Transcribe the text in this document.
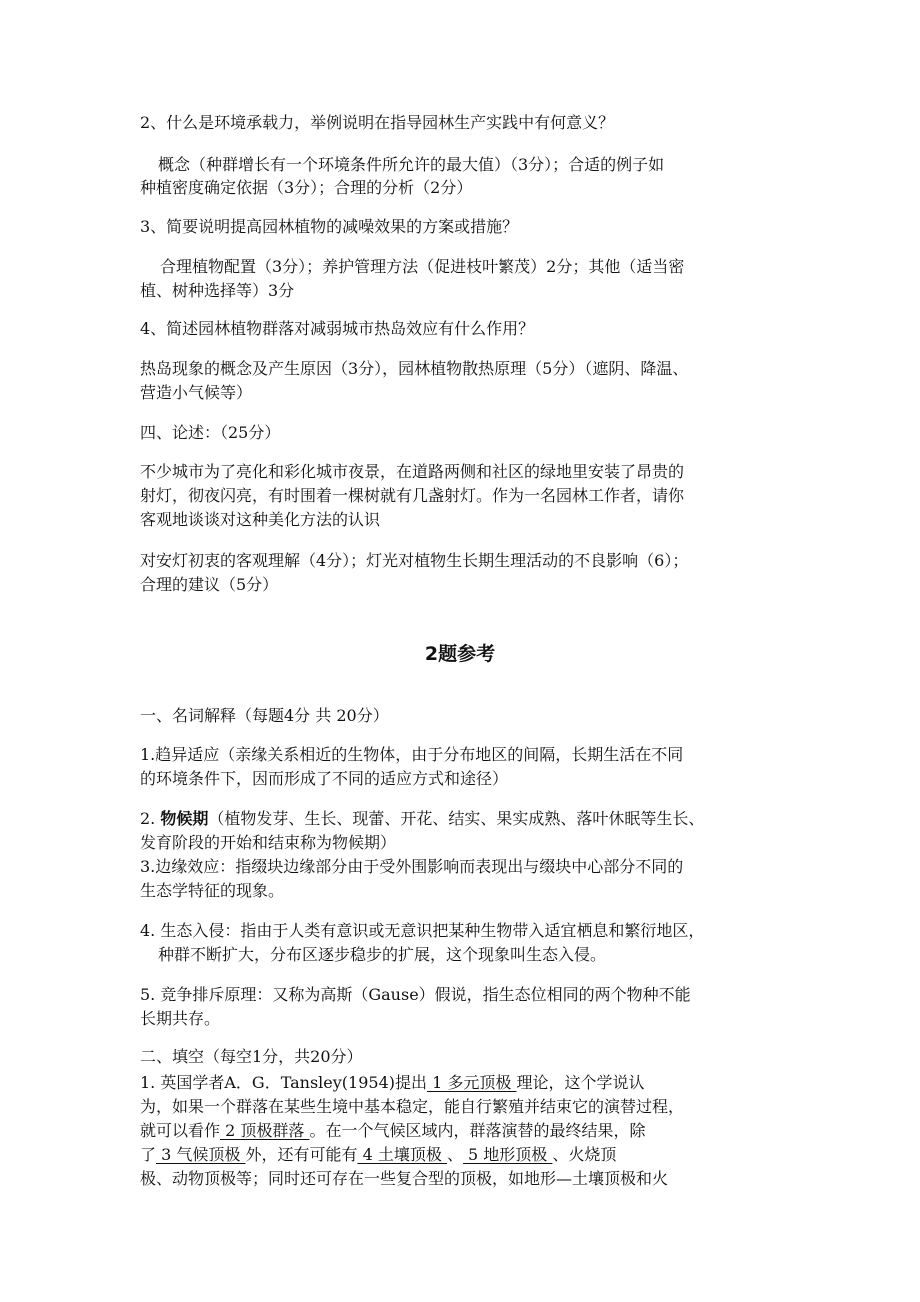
2、什么是环境承载力，举例说明在指导园林生产实践中有何意义？
概念（种群增长有一个环境条件所允许的最大值）（3分）；合适的例子如
种植密度确定依据（3分）；合理的分析（2分）
3、简要说明提高园林植物的减噪效果的方案或措施？
合理植物配置（3分）；养护管理方法（促进枝叶繁茂）2分；其他（适当密
植、树种选择等）3分
4、简述园林植物群落对减弱城市热岛效应有什么作用？
热岛现象的概念及产生原因（3分），园林植物散热原理（5分）（遮阴、降温、
营造小气候等）
四、论述：（25分）
不少城市为了亮化和彩化城市夜景，在道路两侧和社区的绿地里安装了昂贵的
射灯，彻夜闪亮，有时围着一棵树就有几盏射灯。作为一名园林工作者，请你
客观地谈谈对这种美化方法的认识
对安灯初衷的客观理解（4分）；灯光对植物生长期生理活动的不良影响（6）；
合理的建议（5分）
2题参考
一、名词解释（每题4分 共 20分）
1.趋异适应（亲缘关系相近的生物体，由于分布地区的间隔，长期生活在不同
的环境条件下，因而形成了不同的适应方式和途径）
2. 物候期（植物发芽、生长、现蕾、开花、结实、果实成熟、落叶休眠等生长、
发育阶段的开始和结束称为物候期）
3.边缘效应：指缀块边缘部分由于受外围影响而表现出与缀块中心部分不同的
生态学特征的现象。
4. 生态入侵：指由于人类有意识或无意识把某种生物带入适宜栖息和繁衍地区，
种群不断扩大，分布区逐步稳步的扩展，这个现象叫生态入侵。
5. 竞争排斥原理：又称为高斯（Gause）假说，指生态位相同的两个物种不能
长期共存。
二、填空（每空1分，共20分）
1. 英国学者A．G．Tansley(1954)提出 1 多元顶极 理论，这个学说认
为，如果一个群落在某些生境中基本稳定，能自行繁殖并结束它的演替过程，
就可以看作 2 顶极群落 。在一个气候区域内，群落演替的最终结果，除
了 3 气候顶极 外，还有可能有 4 土壤顶极 、 5 地形顶极 、火烧顶
极、动物顶极等；同时还可存在一些复合型的顶极，如地形—土壤顶极和火
